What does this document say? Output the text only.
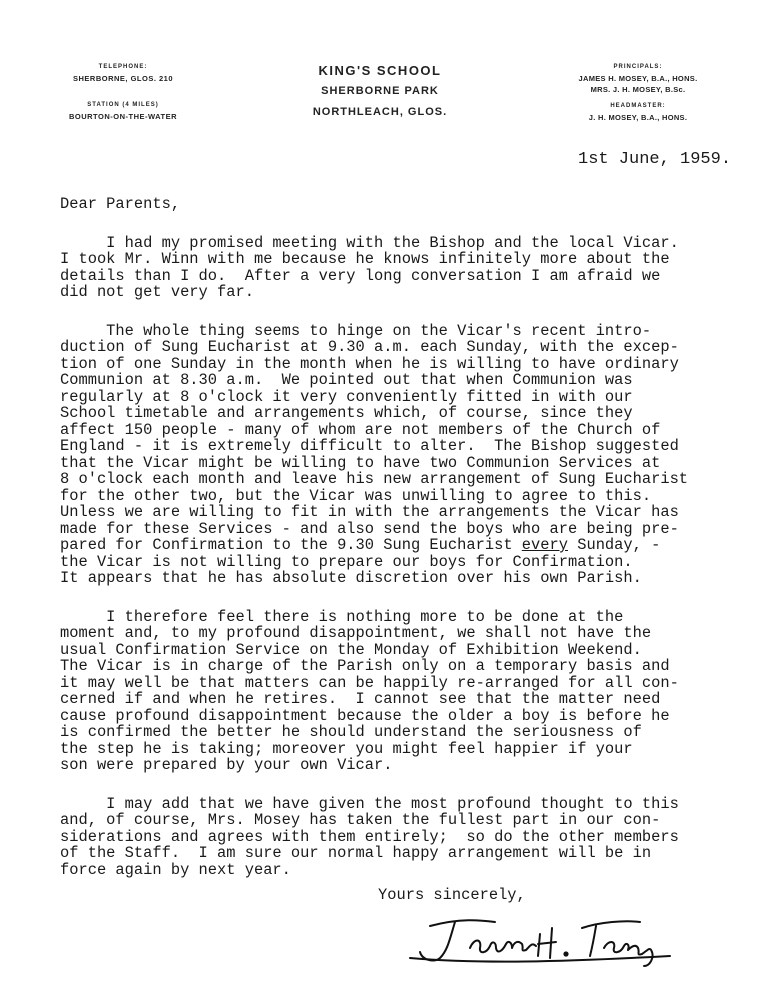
TELEPHONE:
SHERBORNE, GLOS. 210
STATION (4 MILES)
BOURTON-ON-THE-WATER
KING'S SCHOOL
SHERBORNE PARK
NORTHLEACH, GLOS.
PRINCIPALS:
JAMES H. MOSEY, B.A., HONS.
MRS. J. H. MOSEY, B.Sc.
HEADMASTER:
J. H. MOSEY, B.A., HONS.
1st June, 1959.

Dear Parents,

I had my promised meeting with the Bishop and the local Vicar.

I took Mr. Winn with me because he knows infinitely more about the

details than I do.  After a very long conversation I am afraid we

did not get very far.

The whole thing seems to hinge on the Vicar's recent intro-

duction of Sung Eucharist at 9.30 a.m. each Sunday, with the excep-

tion of one Sunday in the month when he is willing to have ordinary

Communion at 8.30 a.m.  We pointed out that when Communion was

regularly at 8 o'clock it very conveniently fitted in with our

School timetable and arrangements which, of course, since they

affect 150 people - many of whom are not members of the Church of

England - it is extremely difficult to alter.  The Bishop suggested

that the Vicar might be willing to have two Communion Services at

8 o'clock each month and leave his new arrangement of Sung Eucharist

for the other two, but the Vicar was unwilling to agree to this.

Unless we are willing to fit in with the arrangements the Vicar has

made for these Services - and also send the boys who are being pre-

pared for Confirmation to the 9.30 Sung Eucharist every Sunday, -

the Vicar is not willing to prepare our boys for Confirmation.

It appears that he has absolute discretion over his own Parish.

I therefore feel there is nothing more to be done at the

moment and, to my profound disappointment, we shall not have the

usual Confirmation Service on the Monday of Exhibition Weekend.

The Vicar is in charge of the Parish only on a temporary basis and

it may well be that matters can be happily re-arranged for all con-

cerned if and when he retires.  I cannot see that the matter need

cause profound disappointment because the older a boy is before he

is confirmed the better he should understand the seriousness of

the step he is taking; moreover you might feel happier if your

son were prepared by your own Vicar.

I may add that we have given the most profound thought to this

and, of course, Mrs. Mosey has taken the fullest part in our con-

siderations and agrees with them entirely;  so do the other members

of the Staff.  I am sure our normal happy arrangement will be in

force again by next year.

Yours sincerely,
